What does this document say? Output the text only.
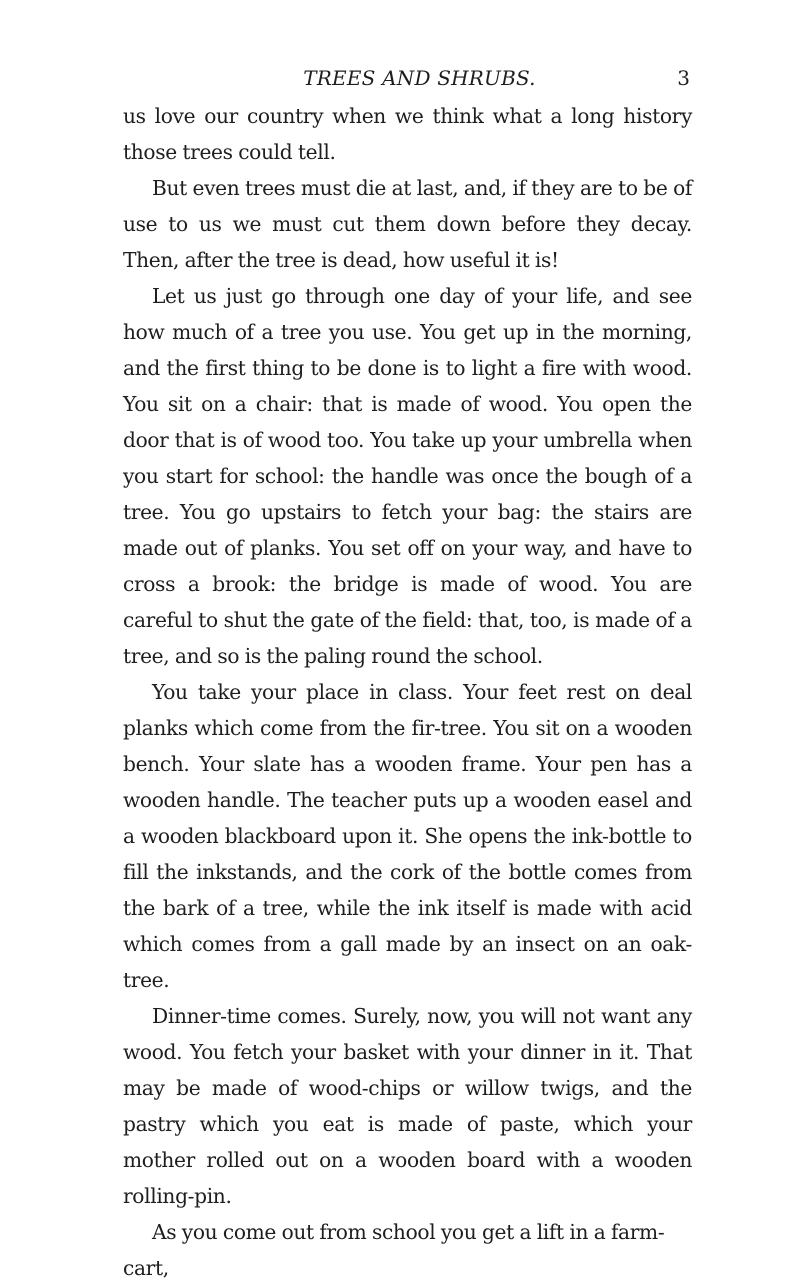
TREES AND SHRUBS.	3

us love our country when we think what a long history those trees could tell.

But even trees must die at last, and, if they are to be of use to us we must cut them down before they decay. Then, after the tree is dead, how useful it is!

Let us just go through one day of your life, and see how much of a tree you use. You get up in the morning, and the first thing to be done is to light a fire with wood. You sit on a chair: that is made of wood. You open the door that is of wood too. You take up your umbrella when you start for school: the handle was once the bough of a tree. You go upstairs to fetch your bag: the stairs are made out of planks. You set off on your way, and have to cross a brook: the bridge is made of wood. You are careful to shut the gate of the field: that, too, is made of a tree, and so is the paling round the school.

You take your place in class. Your feet rest on deal planks which come from the fir-tree. You sit on a wooden bench. Your slate has a wooden frame. Your pen has a wooden handle. The teacher puts up a wooden easel and a wooden blackboard upon it. She opens the ink-bottle to fill the inkstands, and the cork of the bottle comes from the bark of a tree, while the ink itself is made with acid which comes from a gall made by an insect on an oak-tree.

Dinner-time comes. Surely, now, you will not want any wood. You fetch your basket with your dinner in it. That may be made of wood-chips or willow twigs, and the pastry which you eat is made of paste, which your mother rolled out on a wooden board with a wooden rolling-pin.

As you come out from school you get a lift in a farm-cart,
